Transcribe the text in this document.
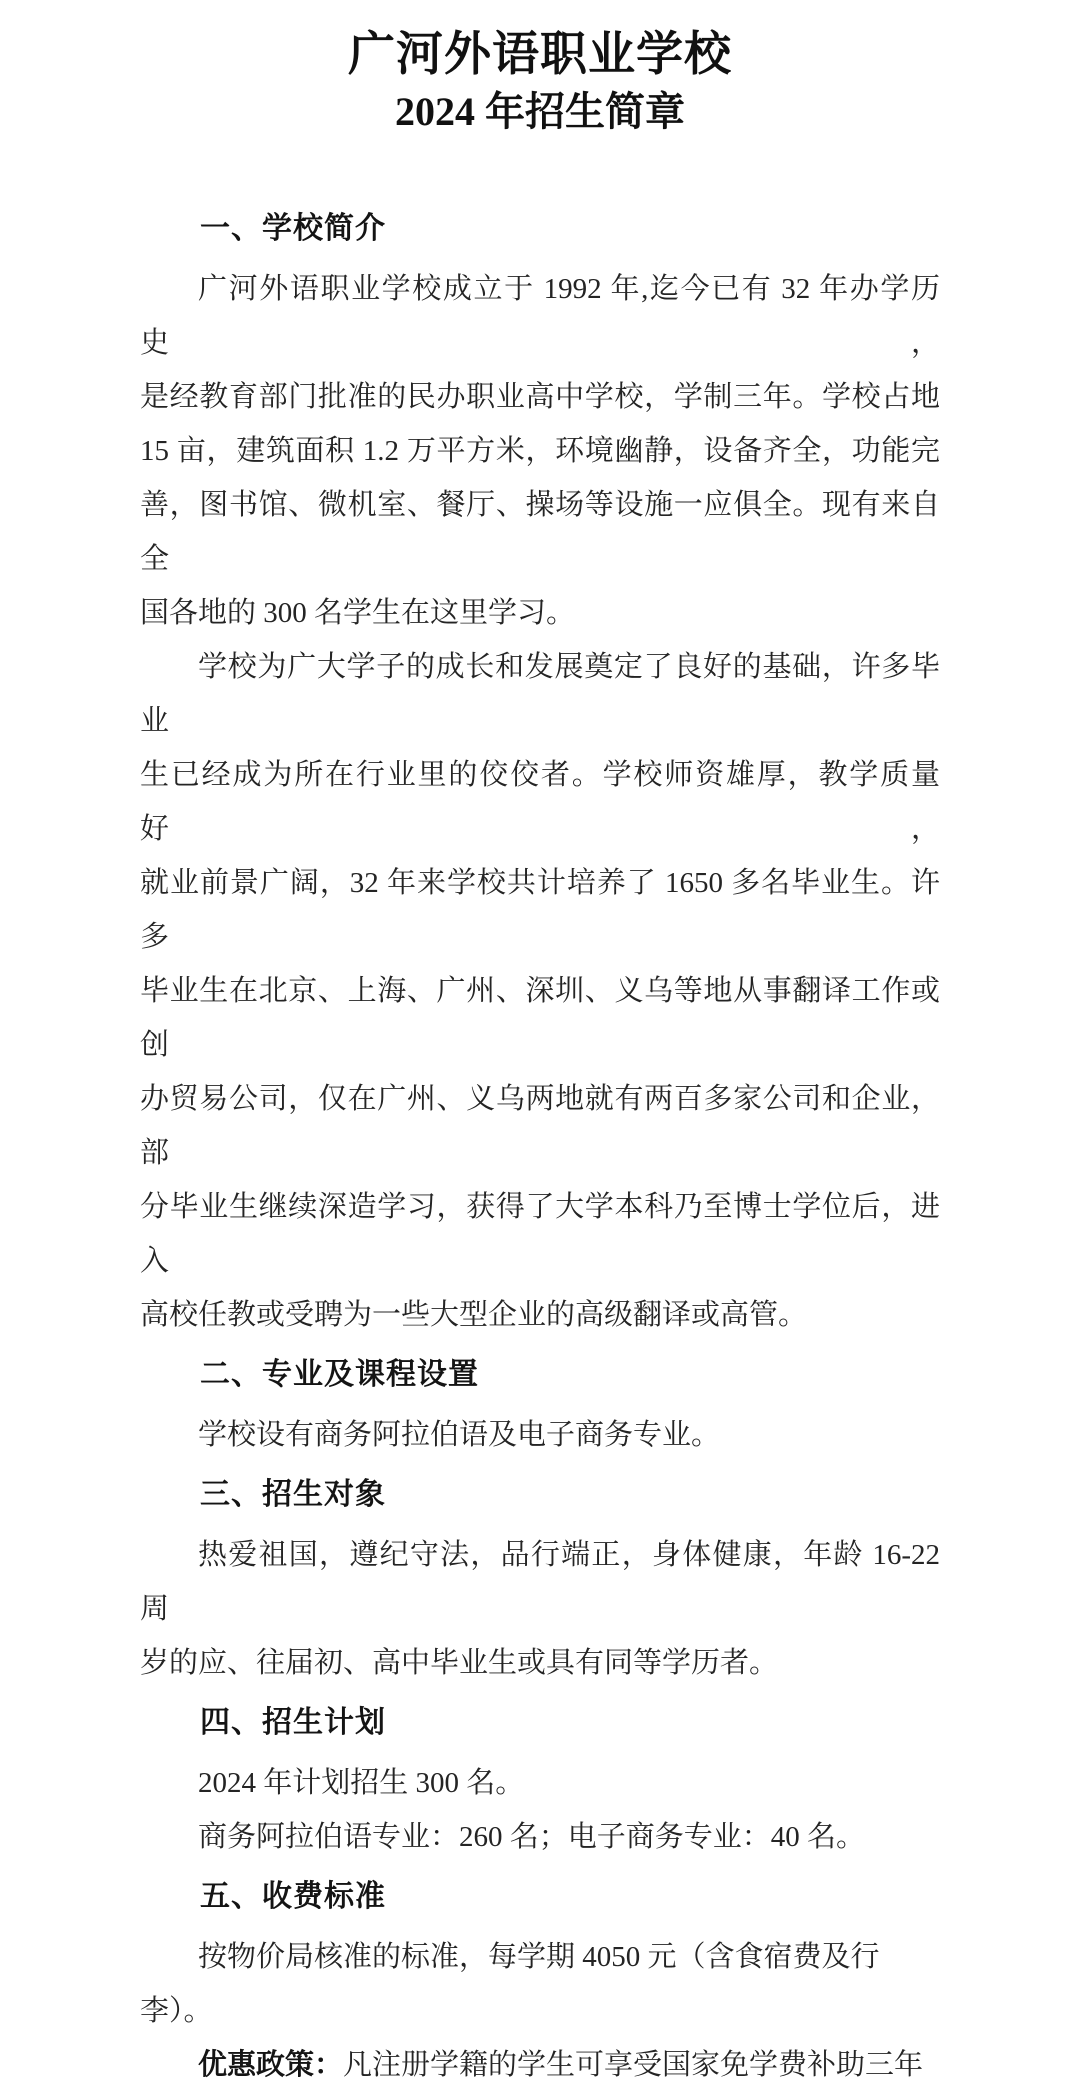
广河外语职业学校
2024 年招生简章
一、学校简介
广河外语职业学校成立于 1992 年,迄今已有 32 年办学历史，
是经教育部门批准的民办职业高中学校，学制三年。学校占地
15 亩，建筑面积 1.2 万平方米，环境幽静，设备齐全，功能完
善，图书馆、微机室、餐厅、操场等设施一应俱全。现有来自全
国各地的 300 名学生在这里学习。
学校为广大学子的成长和发展奠定了良好的基础，许多毕业
生已经成为所在行业里的佼佼者。学校师资雄厚，教学质量好，
就业前景广阔，32 年来学校共计培养了 1650 多名毕业生。许多
毕业生在北京、上海、广州、深圳、义乌等地从事翻译工作或创
办贸易公司，仅在广州、义乌两地就有两百多家公司和企业，部
分毕业生继续深造学习，获得了大学本科乃至博士学位后，进入
高校任教或受聘为一些大型企业的高级翻译或高管。
二、专业及课程设置
学校设有商务阿拉伯语及电子商务专业。
三、招生对象
热爱祖国，遵纪守法，品行端正，身体健康，年龄 16-22 周
岁的应、往届初、高中毕业生或具有同等学历者。
四、招生计划
2024 年计划招生 300 名。
商务阿拉伯语专业：260 名；电子商务专业：40 名。
五、收费标准
按物价局核准的标准，每学期 4050 元（含食宿费及行李）。
优惠政策：凡注册学籍的学生可享受国家免学费补助三年
